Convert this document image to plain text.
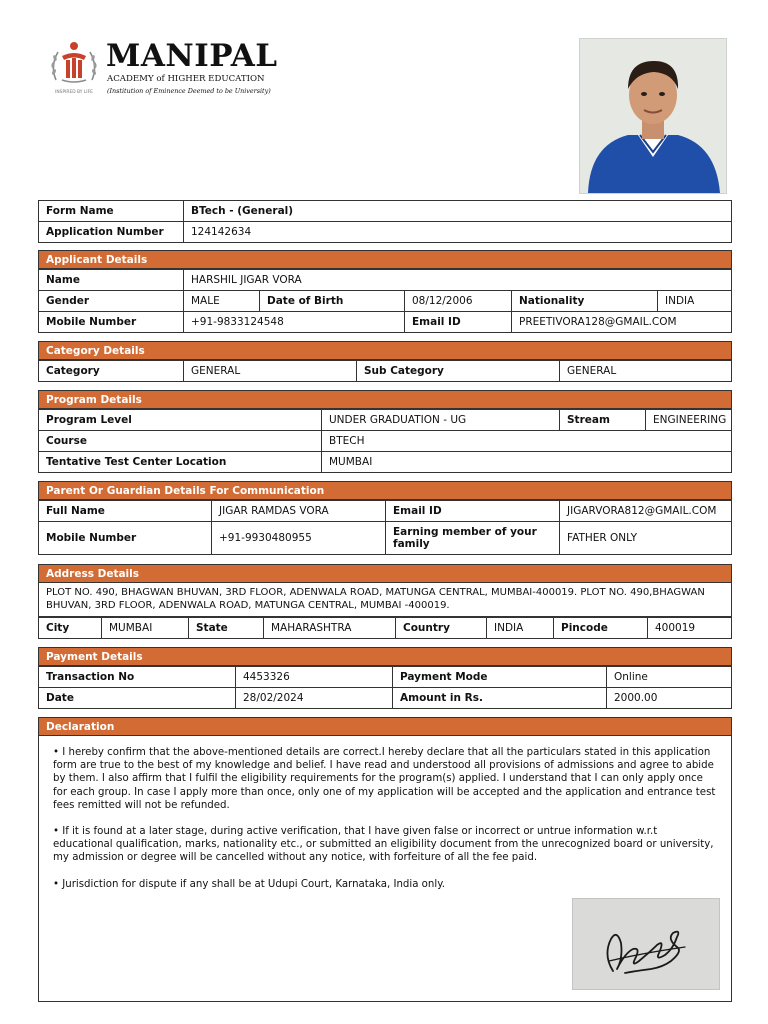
INSPIRED BY LIFE
MANIPAL
ACADEMY of HIGHER EDUCATION
(Institution of Eminence Deemed to be University)
Form Name	BTech - (General)
Application Number	124142634
Applicant Details
Name	HARSHIL JIGAR VORA				
Gender	MALE	Date of Birth	08/12/2006	Nationality	INDIA
Mobile Number	+91-9833124548		Email ID	PREETIVORA128@GMAIL.COM	
Category Details
Category	GENERAL	Sub Category	GENERAL
Program Details
Program Level	UNDER GRADUATION - UG	Stream	ENGINEERING
Course	BTECH		
Tentative Test Center Location	MUMBAI		
Parent Or Guardian Details For Communication
Full Name	JIGAR RAMDAS VORA	Email ID	JIGARVORA812@GMAIL.COM
Mobile Number	+91-9930480955	Earning member of your family	FATHER ONLY
Address Details
PLOT NO. 490, BHAGWAN BHUVAN, 3RD FLOOR, ADENWALA ROAD, MATUNGA CENTRAL, MUMBAI-400019. PLOT NO. 490,BHAGWAN BHUVAN, 3RD FLOOR, ADENWALA ROAD, MATUNGA CENTRAL, MUMBAI -400019.
City	MUMBAI	State	MAHARASHTRA	Country	INDIA	Pincode	400019
Payment Details
Transaction No	4453326	Payment Mode	Online
Date	28/02/2024	Amount in Rs.	2000.00
Declaration

• I hereby confirm that the above-mentioned details are correct.I hereby declare that all the particulars stated in this application form are true to the best of my knowledge and belief. I have read and understood all provisions of admissions and agree to abide by them. I also affirm that I fulfil the eligibility requirements for the program(s) applied. I understand that I can only apply once for each group. In case I apply more than once, only one of my application will be accepted and the application and entrance test fees remitted will not be refunded.

• If it is found at a later stage, during active verification, that I have given false or incorrect or untrue information w.r.t educational qualification, marks, nationality etc., or submitted an eligibility document from the unrecognized board or university, my admission or degree will be cancelled without any notice, with forfeiture of all the fee paid.

• Jurisdiction for dispute if any shall be at Udupi Court, Karnataka, India only.
